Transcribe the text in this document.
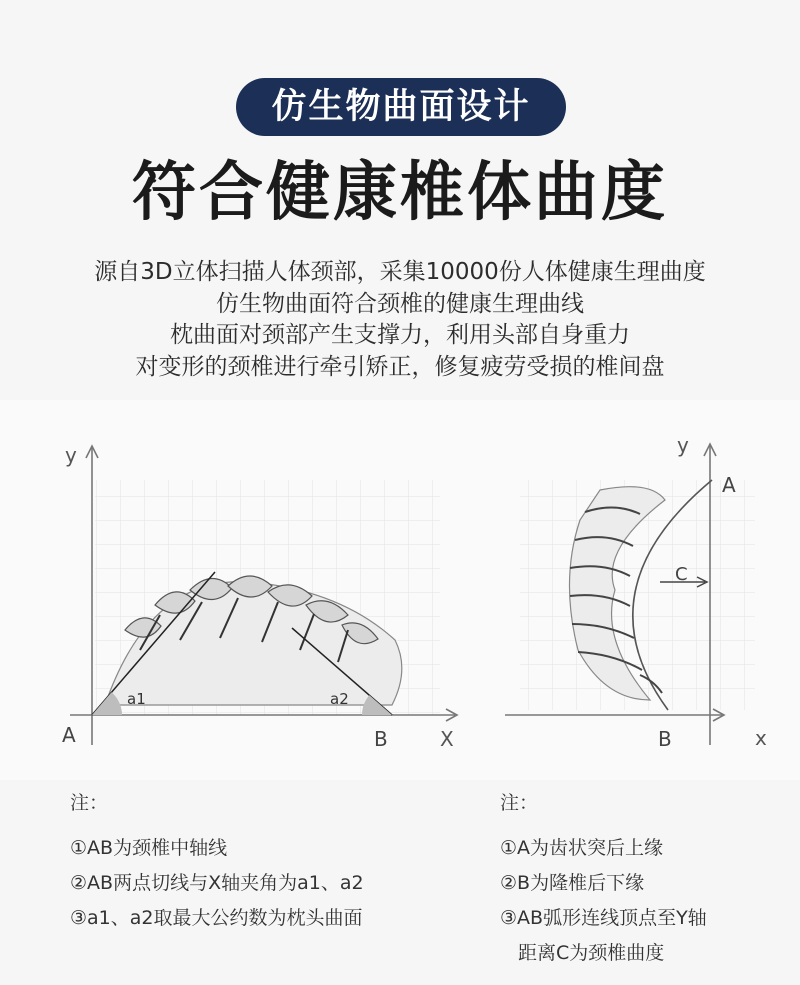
仿生物曲面设计
符合健康椎体曲度
源自3D立体扫描人体颈部，采集10000份人体健康生理曲度
仿生物曲面符合颈椎的健康生理曲线
枕曲面对颈部产生支撑力，利用头部自身重力
对变形的颈椎进行牵引矫正，修复疲劳受损的椎间盘
y
X
A	B
a1	a2
y
x
A
B
C
注：
①AB为颈椎中轴线
②AB两点切线与X轴夹角为a1、a2
③a1、a2取最大公约数为枕头曲面
注：
①A为齿状突后上缘
②B为隆椎后下缘
③AB弧形连线顶点至Y轴
距离C为颈椎曲度
